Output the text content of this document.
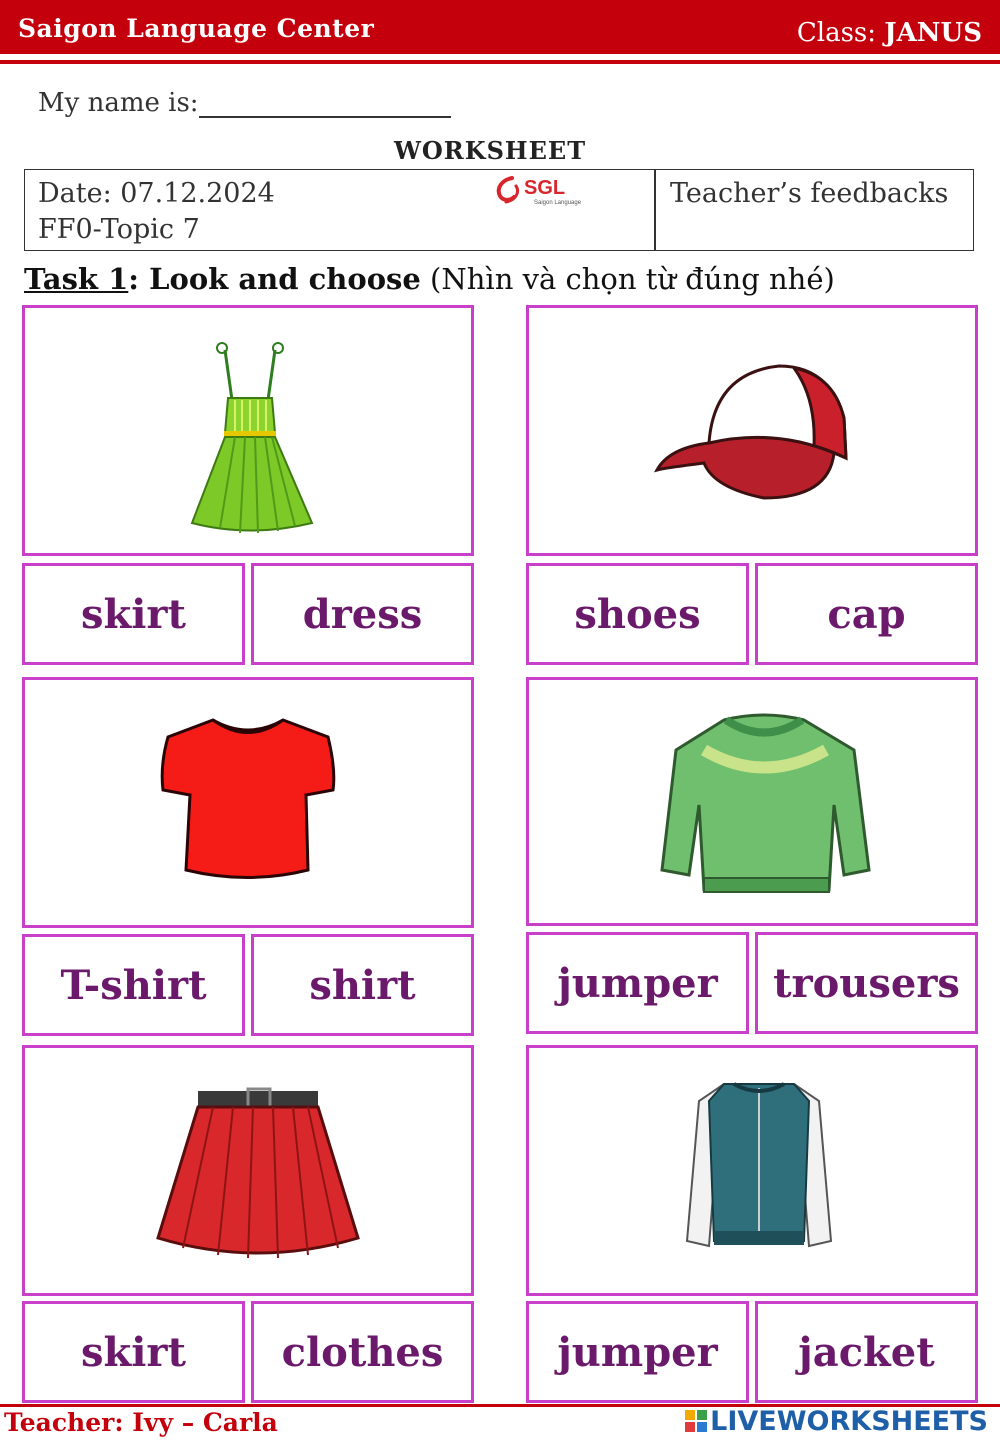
Saigon Language Center	Class: JANUS
My name is:
WORKSHEET
Date: 07.12.2024
FF0-Topic 7
Teacher’s feedbacks
SGL
Saigon Language
Task 1: Look and choose (Nhìn và chọn từ đúng nhé)
skirt	dress	shoes	cap
T-shirt	shirt	jumper	trousers
skirt	clothes	jumper	jacket
Teacher: Ivy – Carla	LIVEWORKSHEETS
